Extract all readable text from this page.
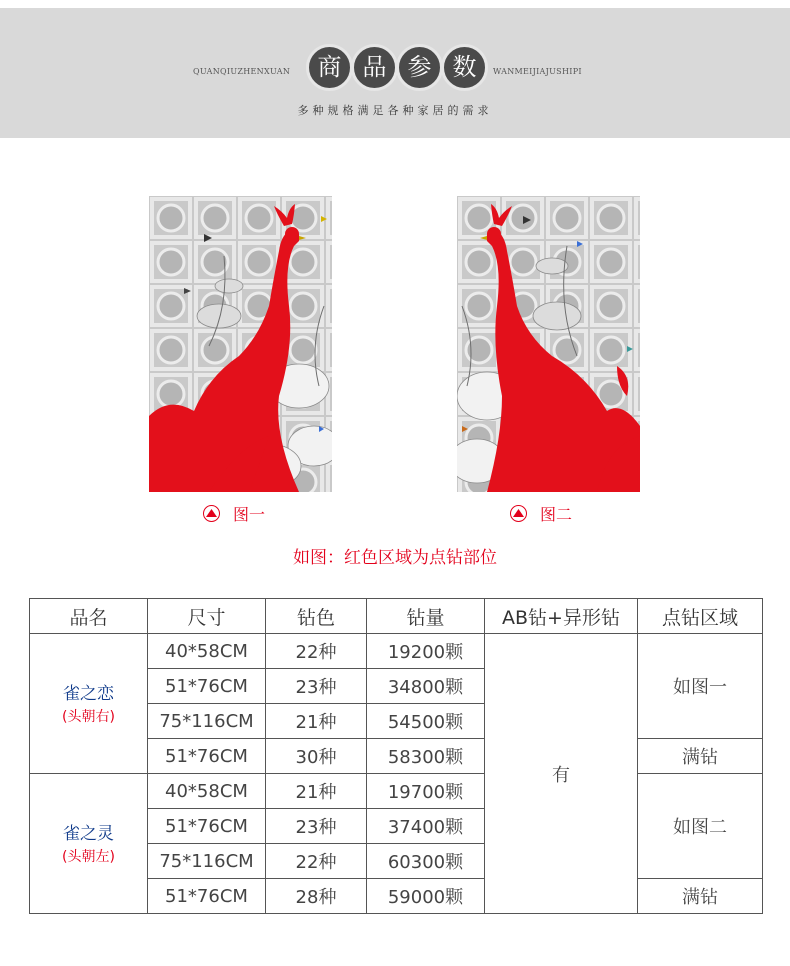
QUANQIUZHENXUAN	商 品 参 数	WANMEIJIAJUSHIPI
多种规格满足各种家居的需求
图一	图二
如图：红色区域为点钻部位
品名	尺寸	钻色	钻量	AB钻+异形钻	点钻区域

雀之恋
(头朝右)	40*58CM	22种	19200颗	有	如图一
	51*76CM	23种	34800颗		
	75*116CM	21种	54500颗		
	51*76CM	30种	58300颗		满钻

雀之灵
(头朝左)	40*58CM	21种	19700颗		如图二
	51*76CM	23种	37400颗		
	75*116CM	22种	60300颗		
	51*76CM	28种	59000颗		满钻
